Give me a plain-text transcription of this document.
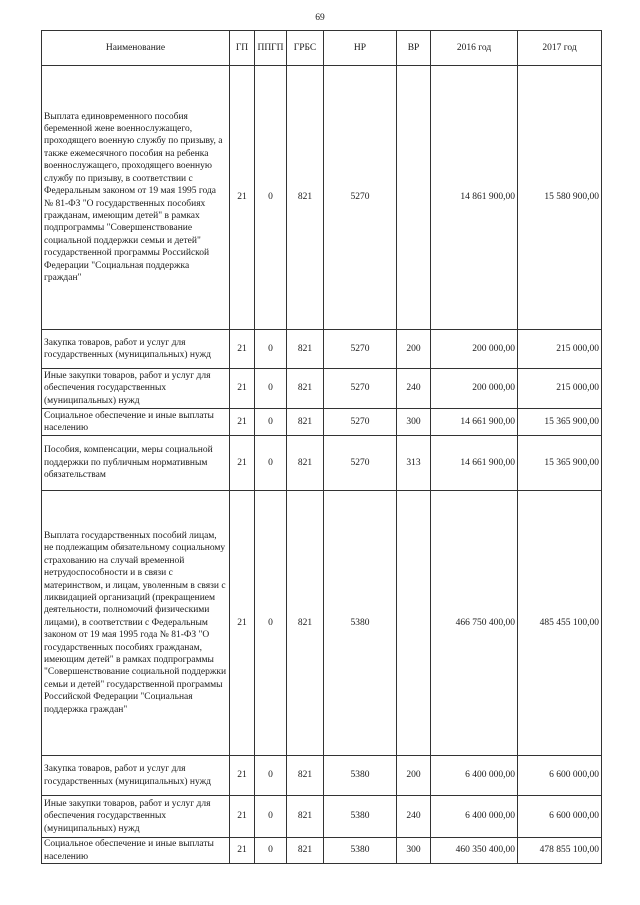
69
Наименование	ГП	ППГП	ГРБС	НР	ВР	2016 год	2017 год
Выплата единовременного пособия беременной жене военнослужащего, проходящего военную службу по призыву, а также ежемесячного пособия на ребенка военнослужащего, проходящего военную службу по призыву, в соответствии с Федеральным законом от 19 мая 1995 года № 81-ФЗ "О государственных пособиях гражданам, имеющим детей" в рамках подпрограммы "Совершенствование социальной поддержки семьи и детей" государственной программы Российской Федерации "Социальная поддержка граждан"	21	0	821	5270		14 861 900,00	15 580 900,00
Закупка товаров, работ и услуг для государственных (муниципальных) нужд	21	0	821	5270	200	200 000,00	215 000,00
Иные закупки товаров, работ и услуг для обеспечения государственных (муниципальных) нужд	21	0	821	5270	240	200 000,00	215 000,00
Социальное обеспечение и иные выплаты населению	21	0	821	5270	300	14 661 900,00	15 365 900,00
Пособия, компенсации, меры социальной поддержки по публичным нормативным обязательствам	21	0	821	5270	313	14 661 900,00	15 365 900,00
Выплата государственных пособий лицам, не подлежащим обязательному социальному страхованию на случай временной нетрудоспособности и в связи с материнством, и лицам, уволенным в связи с ликвидацией организаций (прекращением деятельности, полномочий физическими лицами), в соответствии с Федеральным законом от 19 мая 1995 года № 81-ФЗ "О государственных пособиях гражданам, имеющим детей" в рамках подпрограммы "Совершенствование социальной поддержки семьи и детей" государственной программы Российской Федерации "Социальная поддержка граждан"	21	0	821	5380		466 750 400,00	485 455 100,00
Закупка товаров, работ и услуг для государственных (муниципальных) нужд	21	0	821	5380	200	6 400 000,00	6 600 000,00
Иные закупки товаров, работ и услуг для обеспечения государственных (муниципальных) нужд	21	0	821	5380	240	6 400 000,00	6 600 000,00
Социальное обеспечение и иные выплаты населению	21	0	821	5380	300	460 350 400,00	478 855 100,00
